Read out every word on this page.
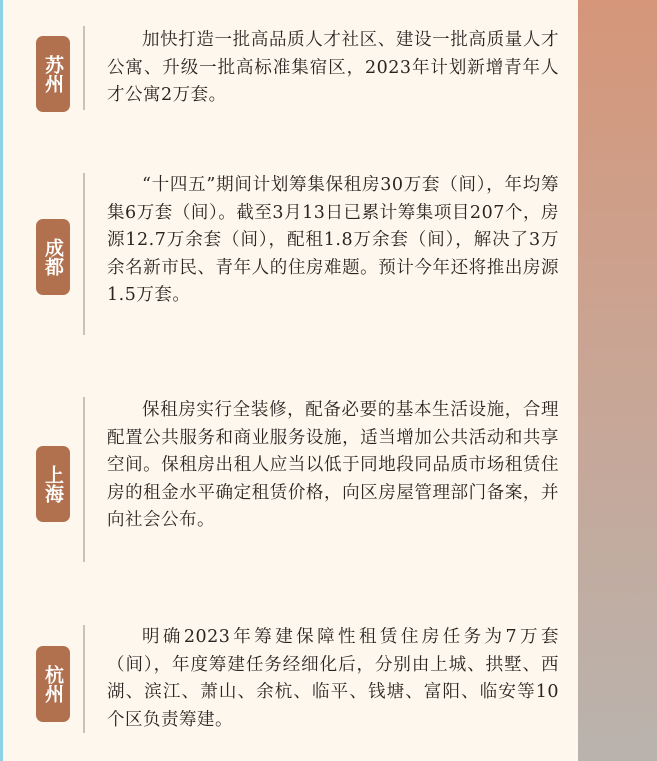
苏州

加快打造一批高品质人才社区、建设一批高质量人才公寓、升级一批高标准集宿区，2023年计划新增青年人才公寓2万套。

成都

“十四五”期间计划筹集保租房30万套（间），年均筹集6万套（间）。截至3月13日已累计筹集项目207个，房源12.7万余套（间），配租1.8万余套（间），解决了3万余名新市民、青年人的住房难题。预计今年还将推出房源1.5万套。

上海

保租房实行全装修，配备必要的基本生活设施，合理配置公共服务和商业服务设施，适当增加公共活动和共享空间。保租房出租人应当以低于同地段同品质市场租赁住房的租金水平确定租赁价格，向区房屋管理部门备案，并向社会公布。

杭州

明确2023年筹建保障性租赁住房任务为7万套（间），年度筹建任务经细化后，分别由上城、拱墅、西湖、滨江、萧山、余杭、临平、钱塘、富阳、临安等10个区负责筹建。
